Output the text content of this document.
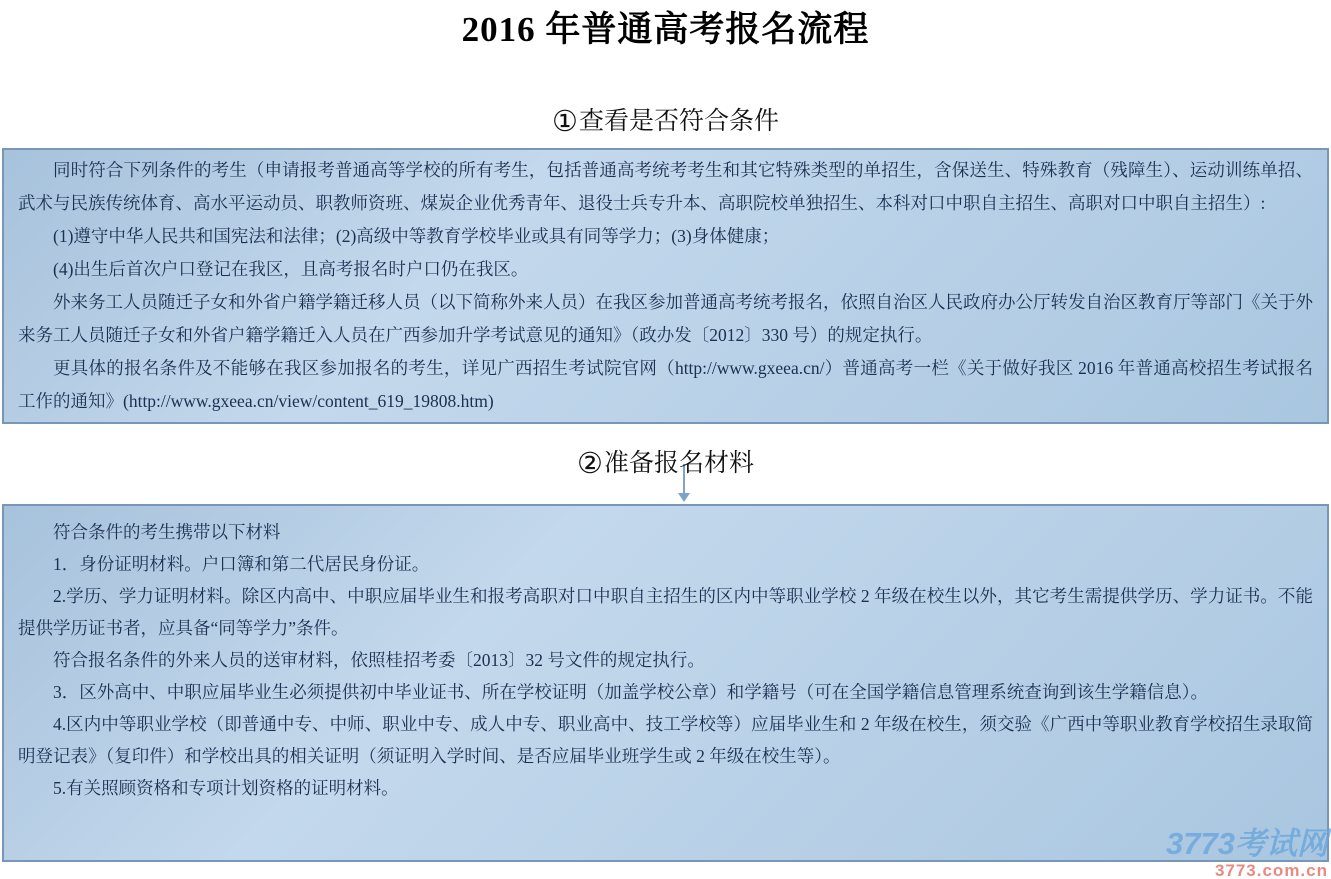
2016 年普通高考报名流程
①查看是否符合条件

同时符合下列条件的考生（申请报考普通高等学校的所有考生，包括普通高考统考考生和其它特殊类型的单招生，含保送生、特殊教育（残障生）、运动训练单招、武术与民族传统体育、高水平运动员、职教师资班、煤炭企业优秀青年、退役士兵专升本、高职院校单独招生、本科对口中职自主招生、高职对口中职自主招生）:

(1)遵守中华人民共和国宪法和法律；(2)高级中等教育学校毕业或具有同等学力；(3)身体健康；

(4)出生后首次户口登记在我区，且高考报名时户口仍在我区。

外来务工人员随迁子女和外省户籍学籍迁移人员（以下简称外来人员）在我区参加普通高考统考报名，依照自治区人民政府办公厅转发自治区教育厅等部门《关于外来务工人员随迁子女和外省户籍学籍迁入人员在广西参加升学考试意见的通知》（政办发〔2012〕330 号）的规定执行。

更具体的报名条件及不能够在我区参加报名的考生，详见广西招生考试院官网（http://www.gxeea.cn/）普通高考一栏《关于做好我区 2016 年普通高校招生考试报名工作的通知》(http://www.gxeea.cn/view/content_619_19808.htm)

②准备报名材料

符合条件的考生携带以下材料

1．身份证明材料。户口簿和第二代居民身份证。

2.学历、学力证明材料。除区内高中、中职应届毕业生和报考高职对口中职自主招生的区内中等职业学校 2 年级在校生以外，其它考生需提供学历、学力证书。不能提供学历证书者，应具备“同等学力”条件。

符合报名条件的外来人员的送审材料，依照桂招考委〔2013〕32 号文件的规定执行。

3．区外高中、中职应届毕业生必须提供初中毕业证书、所在学校证明（加盖学校公章）和学籍号（可在全国学籍信息管理系统查询到该生学籍信息）。

4.区内中等职业学校（即普通中专、中师、职业中专、成人中专、职业高中、技工学校等）应届毕业生和 2 年级在校生，须交验《广西中等职业教育学校招生录取简明登记表》（复印件）和学校出具的相关证明（须证明入学时间、是否应届毕业班学生或 2 年级在校生等）。

5.有关照顾资格和专项计划资格的证明材料。

3773考试网
3773.com.cn
